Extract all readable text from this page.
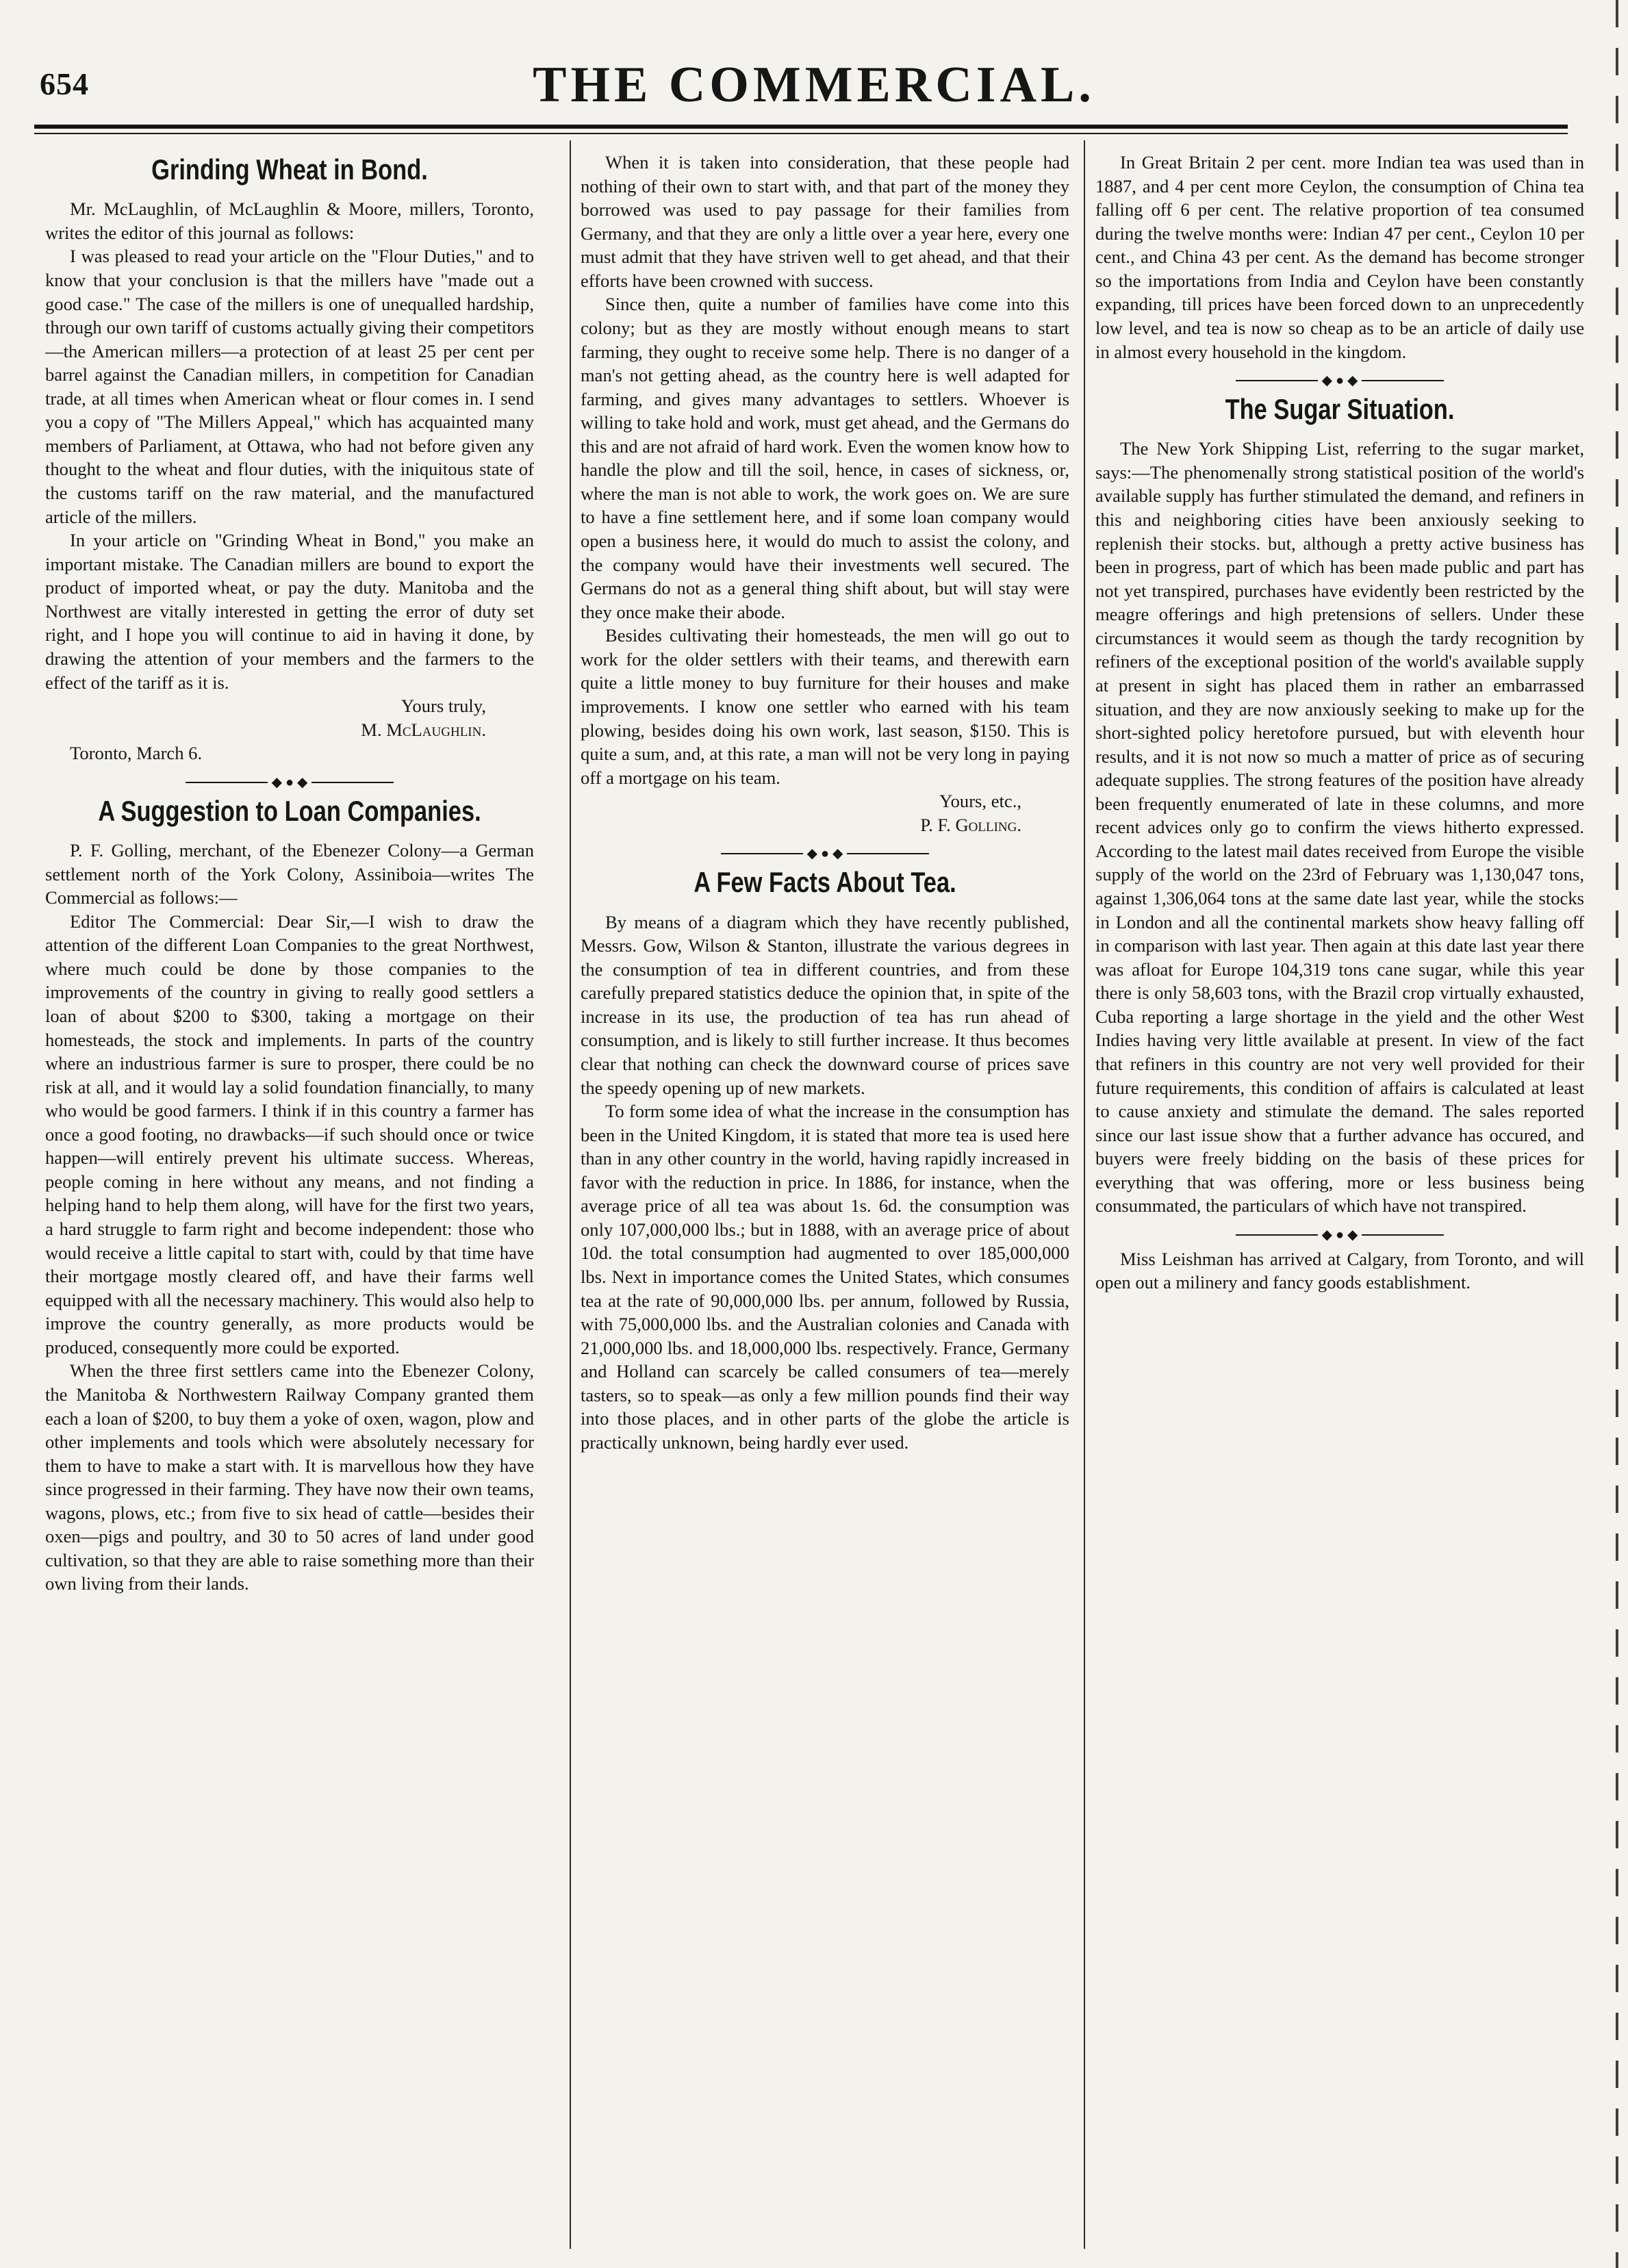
654	THE COMMERCIAL.
Grinding Wheat in Bond.

Mr. McLaughlin, of McLaughlin & Moore, millers, Toronto, writes the editor of this journal as follows:

I was pleased to read your article on the "Flour Duties," and to know that your conclusion is that the millers have "made out a good case." The case of the millers is one of unequalled hardship, through our own tariff of customs actually giving their competitors—the American millers—a protection of at least 25 per cent per barrel against the Canadian millers, in competition for Canadian trade, at all times when American wheat or flour comes in. I send you a copy of "The Millers Appeal," which has acquainted many members of Parliament, at Ottawa, who had not before given any thought to the wheat and flour duties, with the iniquitous state of the customs tariff on the raw material, and the manufactured article of the millers.

In your article on "Grinding Wheat in Bond," you make an important mistake. The Canadian millers are bound to export the product of imported wheat, or pay the duty. Manitoba and the Northwest are vitally interested in getting the error of duty set right, and I hope you will continue to aid in having it done, by drawing the attention of your members and the farmers to the effect of the tariff as it is.

Yours truly,

M. McLaughlin.

Toronto, March 6.

◆ ● ◆
A Suggestion to Loan Companies.

P. F. Golling, merchant, of the Ebenezer Colony—a German settlement north of the York Colony, Assiniboia—writes The Commercial as follows:—

Editor The Commercial: Dear Sir,—I wish to draw the attention of the different Loan Companies to the great Northwest, where much could be done by those companies to the improvements of the country in giving to really good settlers a loan of about $200 to $300, taking a mortgage on their homesteads, the stock and implements. In parts of the country where an industrious farmer is sure to prosper, there could be no risk at all, and it would lay a solid foundation financially, to many who would be good farmers. I think if in this country a farmer has once a good footing, no drawbacks—if such should once or twice happen—will entirely prevent his ultimate success. Whereas, people coming in here without any means, and not finding a helping hand to help them along, will have for the first two years, a hard struggle to farm right and become independent: those who would receive a little capital to start with, could by that time have their mortgage mostly cleared off, and have their farms well equipped with all the necessary machinery. This would also help to improve the country generally, as more products would be produced, consequently more could be exported.

When the three first settlers came into the Ebenezer Colony, the Manitoba & Northwestern Railway Company granted them each a loan of $200, to buy them a yoke of oxen, wagon, plow and other implements and tools which were absolutely necessary for them to have to make a start with. It is marvellous how they have since progressed in their farming. They have now their own teams, wagons, plows, etc.; from five to six head of cattle—besides their oxen—pigs and poultry, and 30 to 50 acres of land under good cultivation, so that they are able to raise something more than their own living from their lands.

When it is taken into consideration, that these people had nothing of their own to start with, and that part of the money they borrowed was used to pay passage for their families from Germany, and that they are only a little over a year here, every one must admit that they have striven well to get ahead, and that their efforts have been crowned with success.

Since then, quite a number of families have come into this colony; but as they are mostly without enough means to start farming, they ought to receive some help. There is no danger of a man's not getting ahead, as the country here is well adapted for farming, and gives many advantages to settlers. Whoever is willing to take hold and work, must get ahead, and the Germans do this and are not afraid of hard work. Even the women know how to handle the plow and till the soil, hence, in cases of sickness, or, where the man is not able to work, the work goes on. We are sure to have a fine settlement here, and if some loan company would open a business here, it would do much to assist the colony, and the company would have their investments well secured. The Germans do not as a general thing shift about, but will stay were they once make their abode.

Besides cultivating their homesteads, the men will go out to work for the older settlers with their teams, and therewith earn quite a little money to buy furniture for their houses and make improvements. I know one settler who earned with his team plowing, besides doing his own work, last season, $150. This is quite a sum, and, at this rate, a man will not be very long in paying off a mortgage on his team.

Yours, etc.,

P. F. Golling.

◆ ● ◆
A Few Facts About Tea.

By means of a diagram which they have recently published, Messrs. Gow, Wilson & Stanton, illustrate the various degrees in the consumption of tea in different countries, and from these carefully prepared statistics deduce the opinion that, in spite of the increase in its use, the production of tea has run ahead of consumption, and is likely to still further increase. It thus becomes clear that nothing can check the downward course of prices save the speedy opening up of new markets.

To form some idea of what the increase in the consumption has been in the United Kingdom, it is stated that more tea is used here than in any other country in the world, having rapidly increased in favor with the reduction in price. In 1886, for instance, when the average price of all tea was about 1s. 6d. the consumption was only 107,000,000 lbs.; but in 1888, with an average price of about 10d. the total consumption had augmented to over 185,000,000 lbs. Next in importance comes the United States, which consumes tea at the rate of 90,000,000 lbs. per annum, followed by Russia, with 75,000,000 lbs. and the Australian colonies and Canada with 21,000,000 lbs. and 18,000,000 lbs. respectively. France, Germany and Holland can scarcely be called consumers of tea—merely tasters, so to speak—as only a few million pounds find their way into those places, and in other parts of the globe the article is practically unknown, being hardly ever used.

In Great Britain 2 per cent. more Indian tea was used than in 1887, and 4 per cent more Ceylon, the consumption of China tea falling off 6 per cent. The relative proportion of tea consumed during the twelve months were: Indian 47 per cent., Ceylon 10 per cent., and China 43 per cent. As the demand has become stronger so the importations from India and Ceylon have been constantly expanding, till prices have been forced down to an unprecedently low level, and tea is now so cheap as to be an article of daily use in almost every household in the kingdom.

◆ ● ◆
The Sugar Situation.

The New York Shipping List, referring to the sugar market, says:—The phenomenally strong statistical position of the world's available supply has further stimulated the demand, and refiners in this and neighboring cities have been anxiously seeking to replenish their stocks. but, although a pretty active business has been in progress, part of which has been made public and part has not yet transpired, purchases have evidently been restricted by the meagre offerings and high pretensions of sellers. Under these circumstances it would seem as though the tardy recognition by refiners of the exceptional position of the world's available supply at present in sight has placed them in rather an embarrassed situation, and they are now anxiously seeking to make up for the short-sighted policy heretofore pursued, but with eleventh hour results, and it is not now so much a matter of price as of securing adequate supplies. The strong features of the position have already been frequently enumerated of late in these columns, and more recent advices only go to confirm the views hitherto expressed. According to the latest mail dates received from Europe the visible supply of the world on the 23rd of February was 1,130,047 tons, against 1,306,064 tons at the same date last year, while the stocks in London and all the continental markets show heavy falling off in comparison with last year. Then again at this date last year there was afloat for Europe 104,319 tons cane sugar, while this year there is only 58,603 tons, with the Brazil crop virtually exhausted, Cuba reporting a large shortage in the yield and the other West Indies having very little available at present. In view of the fact that refiners in this country are not very well provided for their future requirements, this condition of affairs is calculated at least to cause anxiety and stimulate the demand. The sales reported since our last issue show that a further advance has occured, and buyers were freely bidding on the basis of these prices for everything that was offering, more or less business being consummated, the particulars of which have not transpired.

◆ ● ◆

Miss Leishman has arrived at Calgary, from Toronto, and will open out a milinery and fancy goods establishment.
